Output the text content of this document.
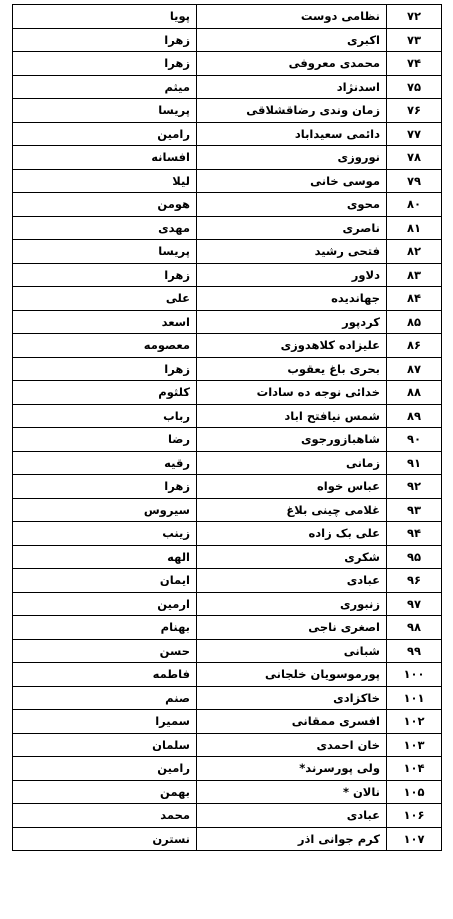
۷۲	نظامی دوست	پویا
۷۳	اکبری	زهرا
۷۴	محمدی معروفی	زهرا
۷۵	اسدنژاد	میثم
۷۶	زمان وندی رضاقشلاقی	پریسا
۷۷	دائمی سعیداباد	رامین
۷۸	نوروزی	افسانه
۷۹	موسی خانی	لیلا
۸۰	محوی	هومن
۸۱	ناصری	مهدی
۸۲	فتحی رشید	پریسا
۸۳	دلاور	زهرا
۸۴	جهاندیده	علی
۸۵	کردپور	اسعد
۸۶	علیزاده کلاهدوزی	معصومه
۸۷	بحری باغ یعقوب	زهرا
۸۸	خدائی نوجه ده سادات	کلثوم
۸۹	شمس نیافتح اباد	رباب
۹۰	شاهبازورجوی	رضا
۹۱	زمانی	رقیه
۹۲	عباس خواه	زهرا
۹۳	غلامی چینی بلاغ	سیروس
۹۴	علی بک زاده	زینب
۹۵	شکری	الهه
۹۶	عبادی	ایمان
۹۷	زنبوری	ارمین
۹۸	اصغری ناجی	بهنام
۹۹	شبانی	حسن
۱۰۰	پورموسویان خلجانی	فاطمه
۱۰۱	خاکزادی	صنم
۱۰۲	افسری ممقانی	سمیرا
۱۰۳	خان احمدی	سلمان
۱۰۴	ولی پورسرند*	رامین
۱۰۵	نالان *	بهمن
۱۰۶	عبادی	محمد
۱۰۷	کرم جوانی اذر	نسترن
